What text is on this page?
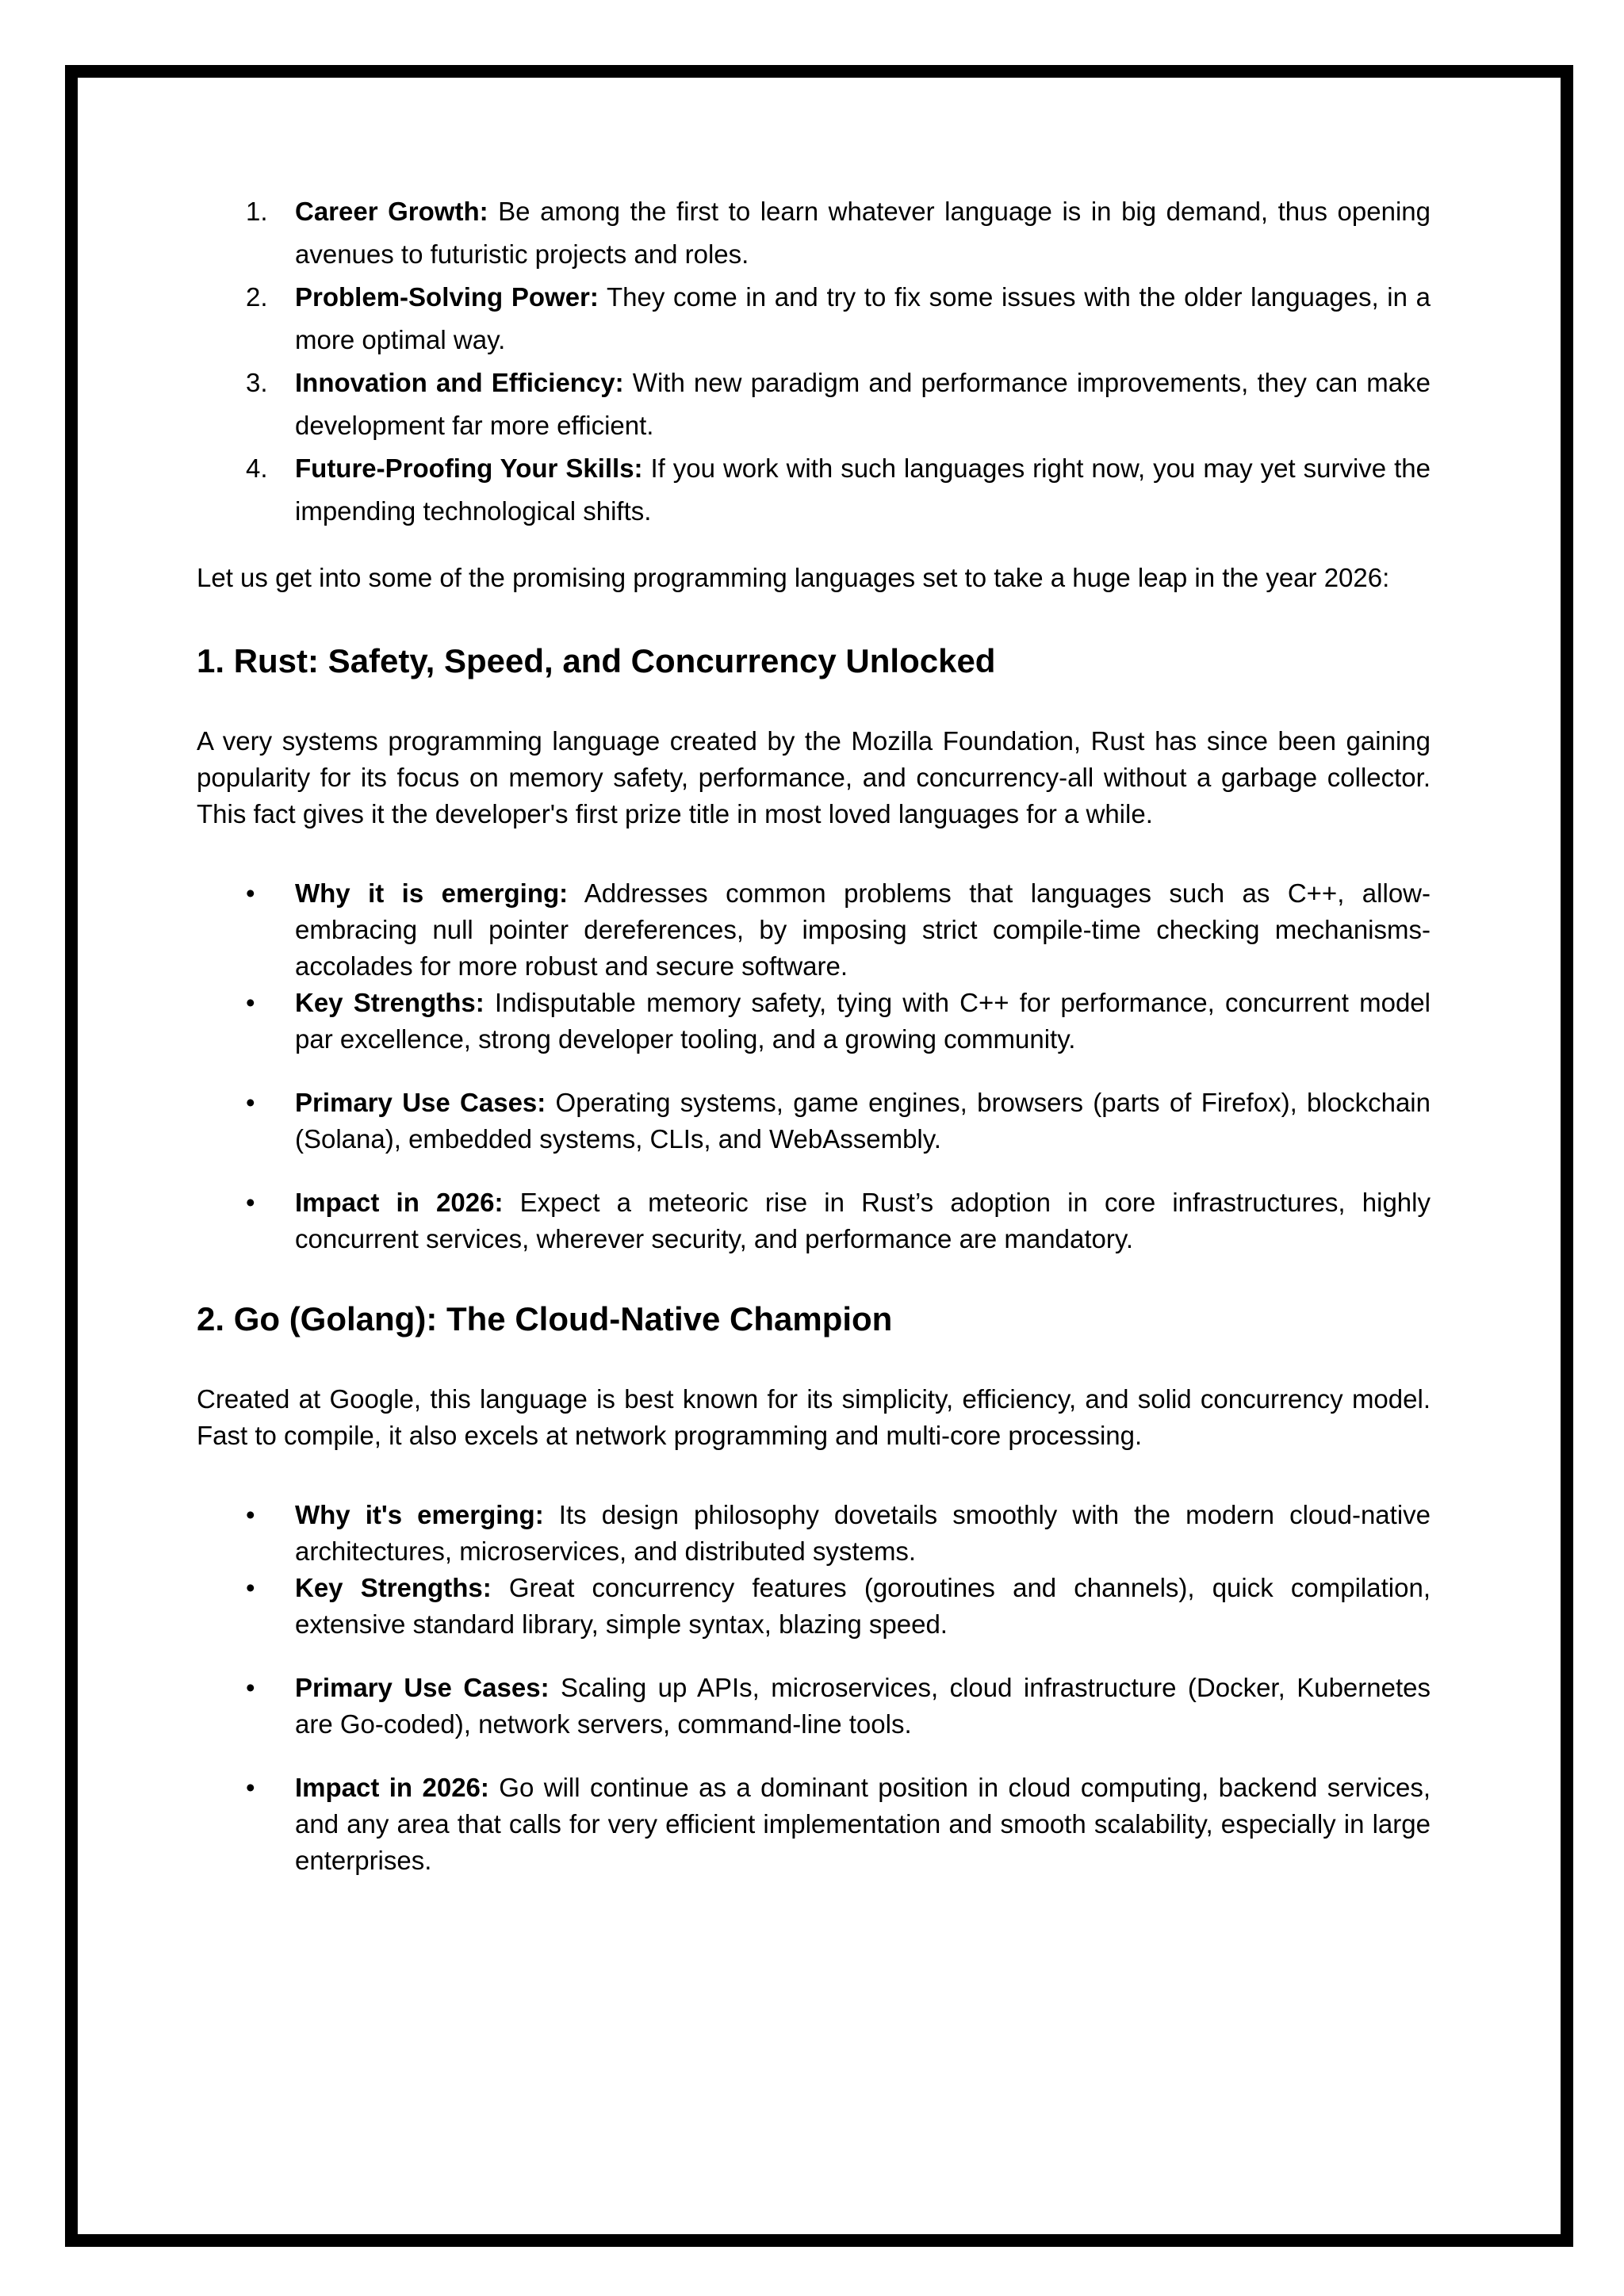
1. Career Growth: Be among the first to learn whatever language is in big demand, thus opening avenues to futuristic projects and roles.
2. Problem-Solving Power: They come in and try to fix some issues with the older languages, in a more optimal way.
3. Innovation and Efficiency: With new paradigm and performance improvements, they can make development far more efficient.
4. Future-Proofing Your Skills: If you work with such languages right now, you may yet survive the impending technological shifts.

Let us get into some of the promising programming languages set to take a huge leap in the year 2026:

1. Rust: Safety, Speed, and Concurrency Unlocked

A very systems programming language created by the Mozilla Foundation, Rust has since been gaining popularity for its focus on memory safety, performance, and concurrency-all without a garbage collector. This fact gives it the developer's first prize title in most loved languages for a while.

• Why it is emerging: Addresses common problems that languages such as C++, allow- embracing null pointer dereferences, by imposing strict compile-time checking mechanisms- accolades for more robust and secure software.
• Key Strengths: Indisputable memory safety, tying with C++ for performance, concurrent model par excellence, strong developer tooling, and a growing community.
• Primary Use Cases: Operating systems, game engines, browsers (parts of Firefox), blockchain (Solana), embedded systems, CLIs, and WebAssembly.
• Impact in 2026: Expect a meteoric rise in Rust’s adoption in core infrastructures, highly concurrent services, wherever security, and performance are mandatory.
2. Go (Golang): The Cloud-Native Champion

Created at Google, this language is best known for its simplicity, efficiency, and solid concurrency model. Fast to compile, it also excels at network programming and multi-core processing.

• Why it's emerging: Its design philosophy dovetails smoothly with the modern cloud-native architectures, microservices, and distributed systems.
• Key Strengths: Great concurrency features (goroutines and channels), quick compilation, extensive standard library, simple syntax, blazing speed.
• Primary Use Cases: Scaling up APIs, microservices, cloud infrastructure (Docker, Kubernetes are Go-coded), network servers, command-line tools.
• Impact in 2026: Go will continue as a dominant position in cloud computing, backend services, and any area that calls for very efficient implementation and smooth scalability, especially in large enterprises.
